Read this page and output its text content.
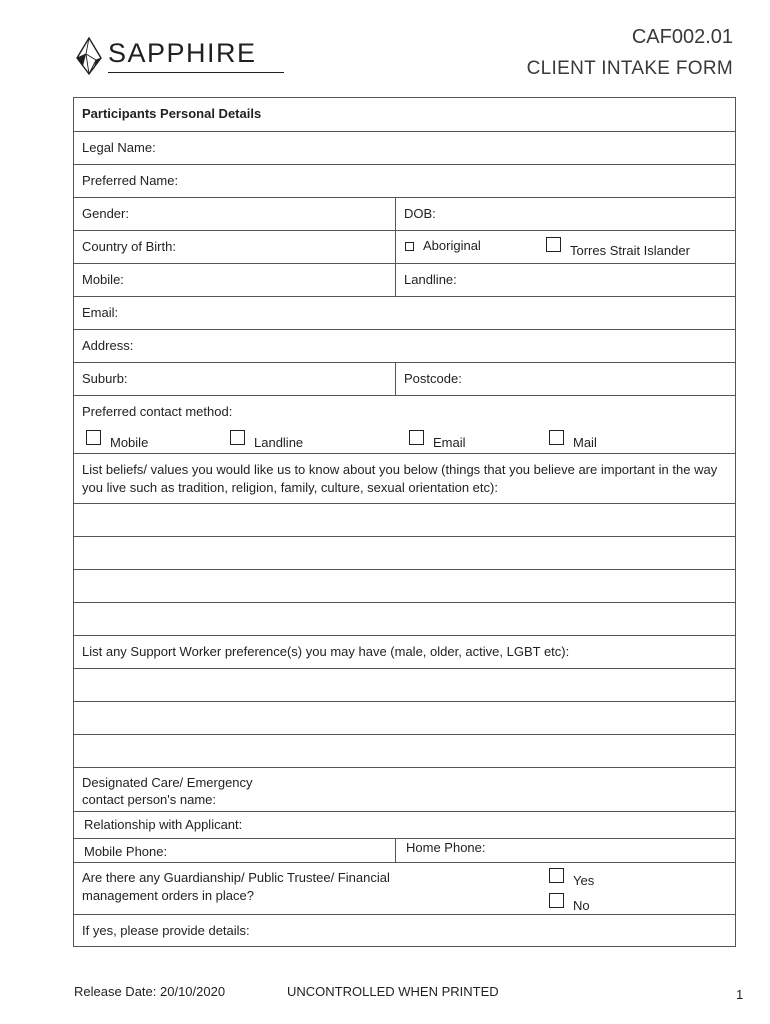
SAPPHIRE
CAF002.01
CLIENT INTAKE FORM
Participants Personal Details
Legal Name:
Preferred Name:
Gender:	DOB:
Country of Birth:	Aboriginal	Torres Strait Islander
Mobile:	Landline:
Email:
Address:
Suburb:	Postcode:
Preferred contact method:
Mobile	Landline	Email	Mail
List beliefs/ values you would like us to know about you below (things that you believe are important in the way you live such as tradition, religion, family, culture, sexual orientation etc):
List any Support Worker preference(s) you may have (male, older, active, LGBT etc):
Designated Care/ Emergency
contact person's name:
Relationship with Applicant:
Mobile Phone:	Home Phone:
Are there any Guardianship/ Public Trustee/ Financial
management orders in place?
Yes
No
If yes, please provide details:
Release Date: 20/10/2020	UNCONTROLLED WHEN PRINTED	1
